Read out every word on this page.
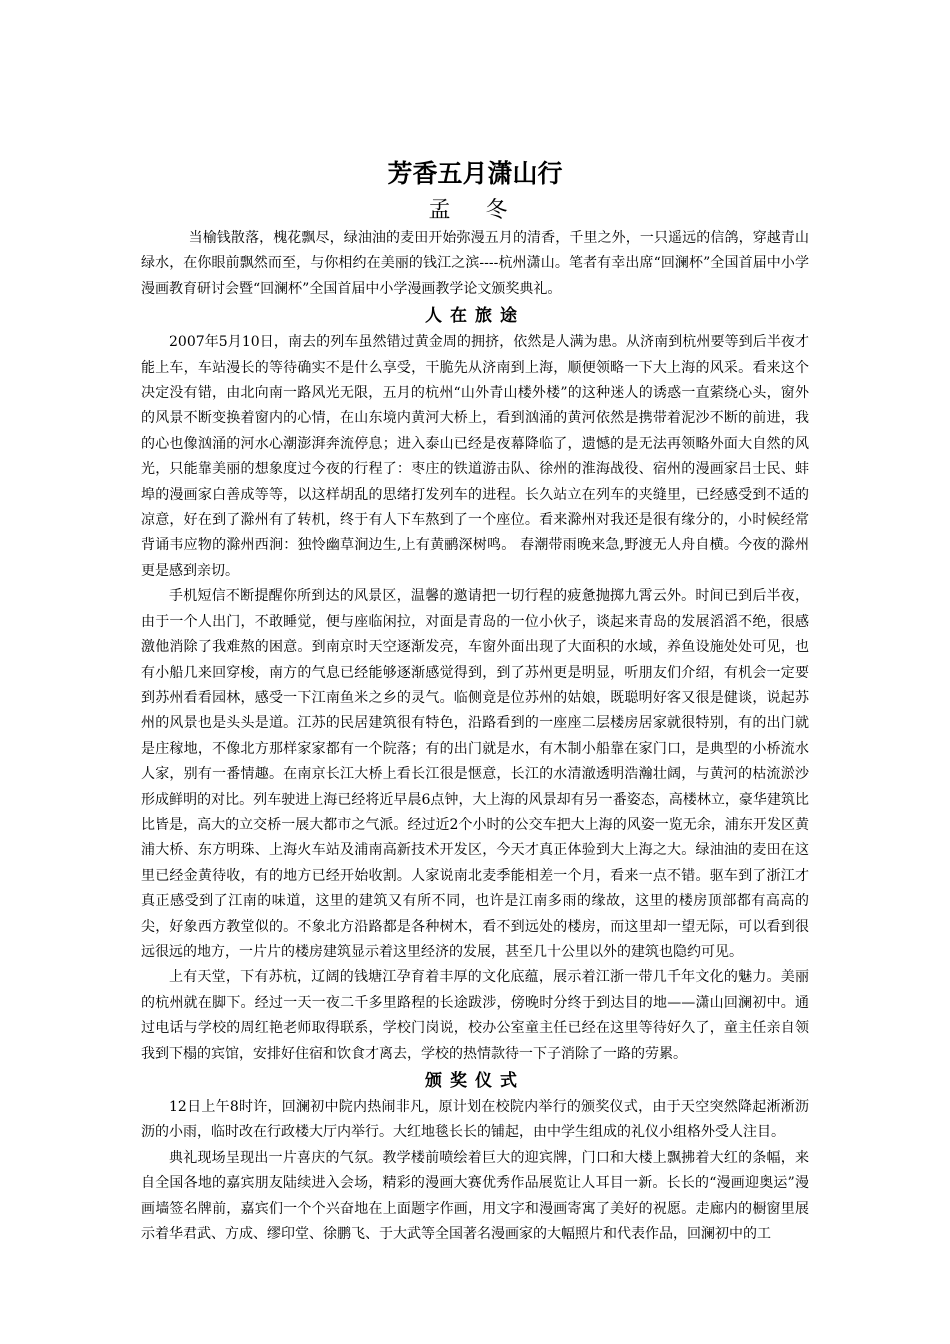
芳香五月潇山行
孟 冬

当榆钱散落，槐花飘尽，绿油油的麦田开始弥漫五月的清香，千里之外，一只遥远的信鸽，穿越青山绿水，在你眼前飘然而至，与你相约在美丽的钱江之滨----杭州潇山。笔者有幸出席“回澜杯”全国首届中小学漫画教育研讨会暨“回澜杯”全国首届中小学漫画教学论文颁奖典礼。

人在旅途

2007年5月10日，南去的列车虽然错过黄金周的拥挤，依然是人满为患。从济南到杭州要等到后半夜才能上车，车站漫长的等待确实不是什么享受，干脆先从济南到上海，顺便领略一下大上海的风采。看来这个决定没有错，由北向南一路风光无限，五月的杭州“山外青山楼外楼”的这种迷人的诱惑一直萦绕心头，窗外的风景不断变换着窗内的心情，在山东境内黄河大桥上，看到汹涌的黄河依然是携带着泥沙不断的前进，我的心也像汹涌的河水心潮澎湃奔流停息；进入泰山已经是夜幕降临了，遗憾的是无法再领略外面大自然的风光，只能靠美丽的想象度过今夜的行程了：枣庄的铁道游击队、徐州的淮海战役、宿州的漫画家吕士民、蚌埠的漫画家白善成等等，以这样胡乱的思绪打发列车的进程。长久站立在列车的夹缝里，已经感受到不适的凉意，好在到了滁州有了转机，终于有人下车熬到了一个座位。看来滁州对我还是很有缘分的，小时候经常背诵韦应物的滁州西涧：独怜幽草涧边生,上有黄鹂深树鸣。 春潮带雨晚来急,野渡无人舟自横。今夜的滁州更是感到亲切。

手机短信不断提醒你所到达的风景区，温馨的邀请把一切行程的疲惫抛掷九霄云外。时间已到后半夜，由于一个人出门，不敢睡觉，便与座临闲拉，对面是青岛的一位小伙子，谈起来青岛的发展滔滔不绝，很感激他消除了我难熬的困意。到南京时天空逐渐发亮，车窗外面出现了大面积的水域，养鱼设施处处可见，也有小船几来回穿梭，南方的气息已经能够逐渐感觉得到，到了苏州更是明显，听朋友们介绍，有机会一定要到苏州看看园林，感受一下江南鱼米之乡的灵气。临侧竟是位苏州的姑娘，既聪明好客又很是健谈，说起苏州的风景也是头头是道。江苏的民居建筑很有特色，沿路看到的一座座二层楼房居家就很特别，有的出门就是庄稼地，不像北方那样家家都有一个院落；有的出门就是水，有木制小船靠在家门口，是典型的小桥流水人家，别有一番情趣。在南京长江大桥上看长江很是惬意，长江的水清澈透明浩瀚壮阔，与黄河的枯流淤沙形成鲜明的对比。列车驶进上海已经将近早晨6点钟，大上海的风景却有另一番姿态，高楼林立，豪华建筑比比皆是，高大的立交桥一展大都市之气派。经过近2个小时的公交车把大上海的风姿一览无余，浦东开发区黄浦大桥、东方明珠、上海火车站及浦南高新技术开发区，今天才真正体验到大上海之大。绿油油的麦田在这里已经金黄待收，有的地方已经开始收割。人家说南北麦季能相差一个月，看来一点不错。驱车到了浙江才真正感受到了江南的味道，这里的建筑又有所不同，也许是江南多雨的缘故，这里的楼房顶部都有高高的尖，好象西方教堂似的。不象北方沿路都是各种树木，看不到远处的楼房，而这里却一望无际，可以看到很远很远的地方，一片片的楼房建筑显示着这里经济的发展，甚至几十公里以外的建筑也隐约可见。

上有天堂，下有苏杭，辽阔的钱塘江孕育着丰厚的文化底蕴，展示着江浙一带几千年文化的魅力。美丽的杭州就在脚下。经过一天一夜二千多里路程的长途跋涉，傍晚时分终于到达目的地——潇山回澜初中。通过电话与学校的周红艳老师取得联系，学校门岗说，校办公室童主任已经在这里等待好久了，童主任亲自领我到下榻的宾馆，安排好住宿和饮食才离去，学校的热情款待一下子消除了一路的劳累。

颁奖仪式

12日上午8时许，回澜初中院内热闹非凡，原计划在校院内举行的颁奖仪式，由于天空突然降起淅淅沥沥的小雨，临时改在行政楼大厅内举行。大红地毯长长的铺起，由中学生组成的礼仪小组格外受人注目。

典礼现场呈现出一片喜庆的气氛。教学楼前喷绘着巨大的迎宾牌，门口和大楼上飘拂着大红的条幅，来自全国各地的嘉宾朋友陆续进入会场，精彩的漫画大赛优秀作品展览让人耳目一新。长长的“漫画迎奥运”漫画墙签名牌前，嘉宾们一个个兴奋地在上面题字作画，用文字和漫画寄寓了美好的祝愿。走廊内的橱窗里展示着华君武、方成、缪印堂、徐鹏飞、于大武等全国著名漫画家的大幅照片和代表作品，回澜初中的工
